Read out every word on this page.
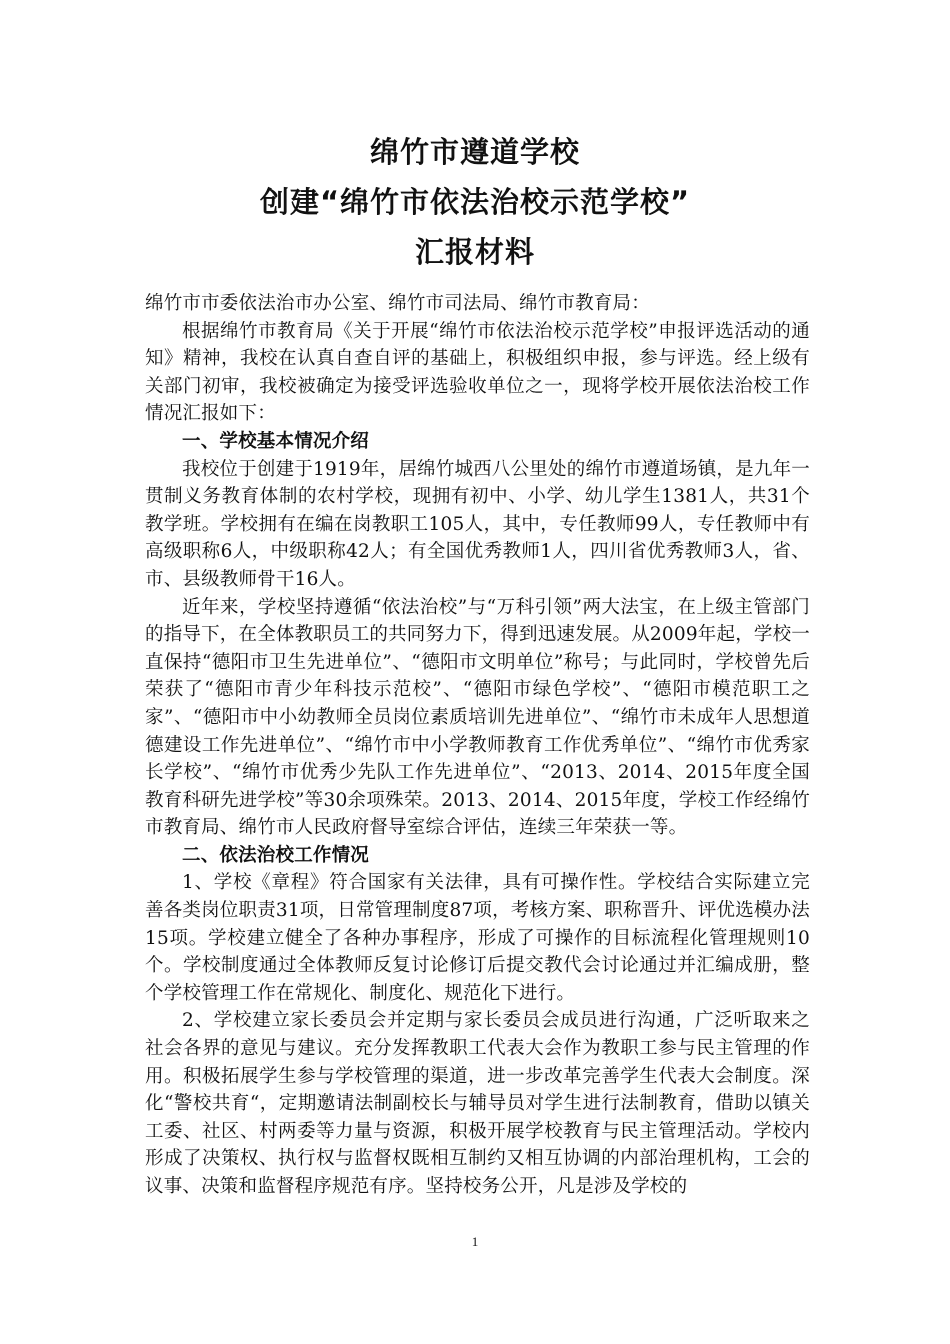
绵竹市遵道学校
创建“绵竹市依法治校示范学校”
汇报材料

绵竹市市委依法治市办公室、绵竹市司法局、绵竹市教育局：

根据绵竹市教育局《关于开展“绵竹市依法治校示范学校”申报评选活动的通知》精神，我校在认真自查自评的基础上，积极组织申报，参与评选。经上级有关部门初审，我校被确定为接受评选验收单位之一，现将学校开展依法治校工作情况汇报如下：

一、学校基本情况介绍

我校位于创建于1919年，居绵竹城西八公里处的绵竹市遵道场镇，是九年一贯制义务教育体制的农村学校，现拥有初中、小学、幼儿学生1381人，共31个教学班。学校拥有在编在岗教职工105人，其中，专任教师99人，专任教师中有高级职称6人，中级职称42人；有全国优秀教师1人，四川省优秀教师3人，省、市、县级教师骨干16人。

近年来，学校坚持遵循“依法治校”与“万科引领”两大法宝，在上级主管部门的指导下，在全体教职员工的共同努力下，得到迅速发展。从2009年起，学校一直保持“德阳市卫生先进单位”、“德阳市文明单位”称号；与此同时，学校曾先后荣获了“德阳市青少年科技示范校”、“德阳市绿色学校”、“德阳市模范职工之家”、“德阳市中小幼教师全员岗位素质培训先进单位”、“绵竹市未成年人思想道德建设工作先进单位”、“绵竹市中小学教师教育工作优秀单位”、“绵竹市优秀家长学校”、“绵竹市优秀少先队工作先进单位”、“2013、2014、2015年度全国教育科研先进学校”等30余项殊荣。2013、2014、2015年度，学校工作经绵竹市教育局、绵竹市人民政府督导室综合评估，连续三年荣获一等。

二、依法治校工作情况

1、学校《章程》符合国家有关法律，具有可操作性。学校结合实际建立完善各类岗位职责31项，日常管理制度87项，考核方案、职称晋升、评优选模办法15项。学校建立健全了各种办事程序，形成了可操作的目标流程化管理规则10个。学校制度通过全体教师反复讨论修订后提交教代会讨论通过并汇编成册，整个学校管理工作在常规化、制度化、规范化下进行。

2、学校建立家长委员会并定期与家长委员会成员进行沟通，广泛听取来之社会各界的意见与建议。充分发挥教职工代表大会作为教职工参与民主管理的作用。积极拓展学生参与学校管理的渠道，进一步改革完善学生代表大会制度。深化“警校共育“，定期邀请法制副校长与辅导员对学生进行法制教育，借助以镇关工委、社区、村两委等力量与资源，积极开展学校教育与民主管理活动。学校内形成了决策权、执行权与监督权既相互制约又相互协调的内部治理机构，工会的议事、决策和监督程序规范有序。坚持校务公开，凡是涉及学校的

1
